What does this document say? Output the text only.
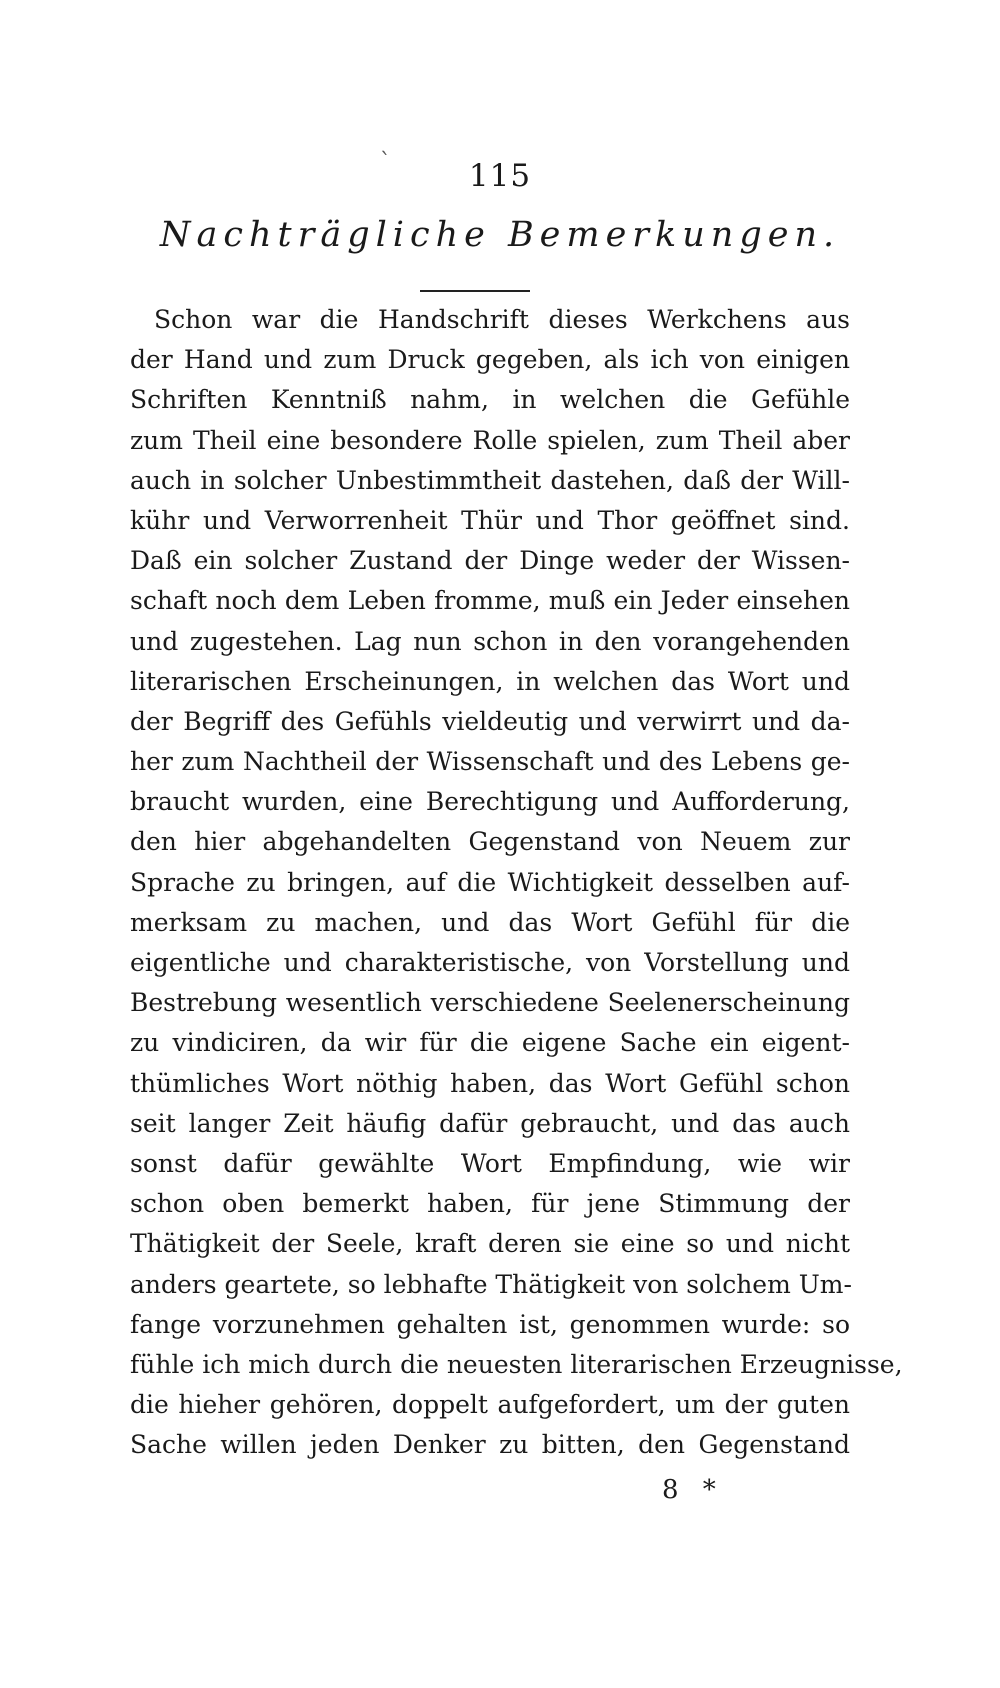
`	115
Nachträgliche Bemerkungen.
Schon war die Handschrift dieses Werkchens aus
der Hand und zum Druck gegeben, als ich von einigen
Schriften Kenntniß nahm, in welchen die Gefühle
zum Theil eine besondere Rolle spielen, zum Theil aber
auch in solcher Unbestimmtheit dastehen, daß der Will-
kühr und Verworrenheit Thür und Thor geöffnet sind.
Daß ein solcher Zustand der Dinge weder der Wissen-
schaft noch dem Leben fromme, muß ein Jeder einsehen
und zugestehen. Lag nun schon in den vorangehenden
literarischen Erscheinungen, in welchen das Wort und
der Begriff des Gefühls vieldeutig und verwirrt und da-
her zum Nachtheil der Wissenschaft und des Lebens ge-
braucht wurden, eine Berechtigung und Aufforderung,
den hier abgehandelten Gegenstand von Neuem zur
Sprache zu bringen, auf die Wichtigkeit desselben auf-
merksam zu machen, und das Wort Gefühl für die
eigentliche und charakteristische, von Vorstellung und
Bestrebung wesentlich verschiedene Seelenerscheinung
zu vindiciren, da wir für die eigene Sache ein eigent-
thümliches Wort nöthig haben, das Wort Gefühl schon
seit langer Zeit häufig dafür gebraucht, und das auch
sonst dafür gewählte Wort Empfindung, wie wir
schon oben bemerkt haben, für jene Stimmung der
Thätigkeit der Seele, kraft deren sie eine so und nicht
anders geartete, so lebhafte Thätigkeit von solchem Um-
fange vorzunehmen gehalten ist, genommen wurde: so
fühle ich mich durch die neuesten literarischen Erzeugnisse,
die hieher gehören, doppelt aufgefordert, um der guten
Sache willen jeden Denker zu bitten, den Gegenstand
8 *
